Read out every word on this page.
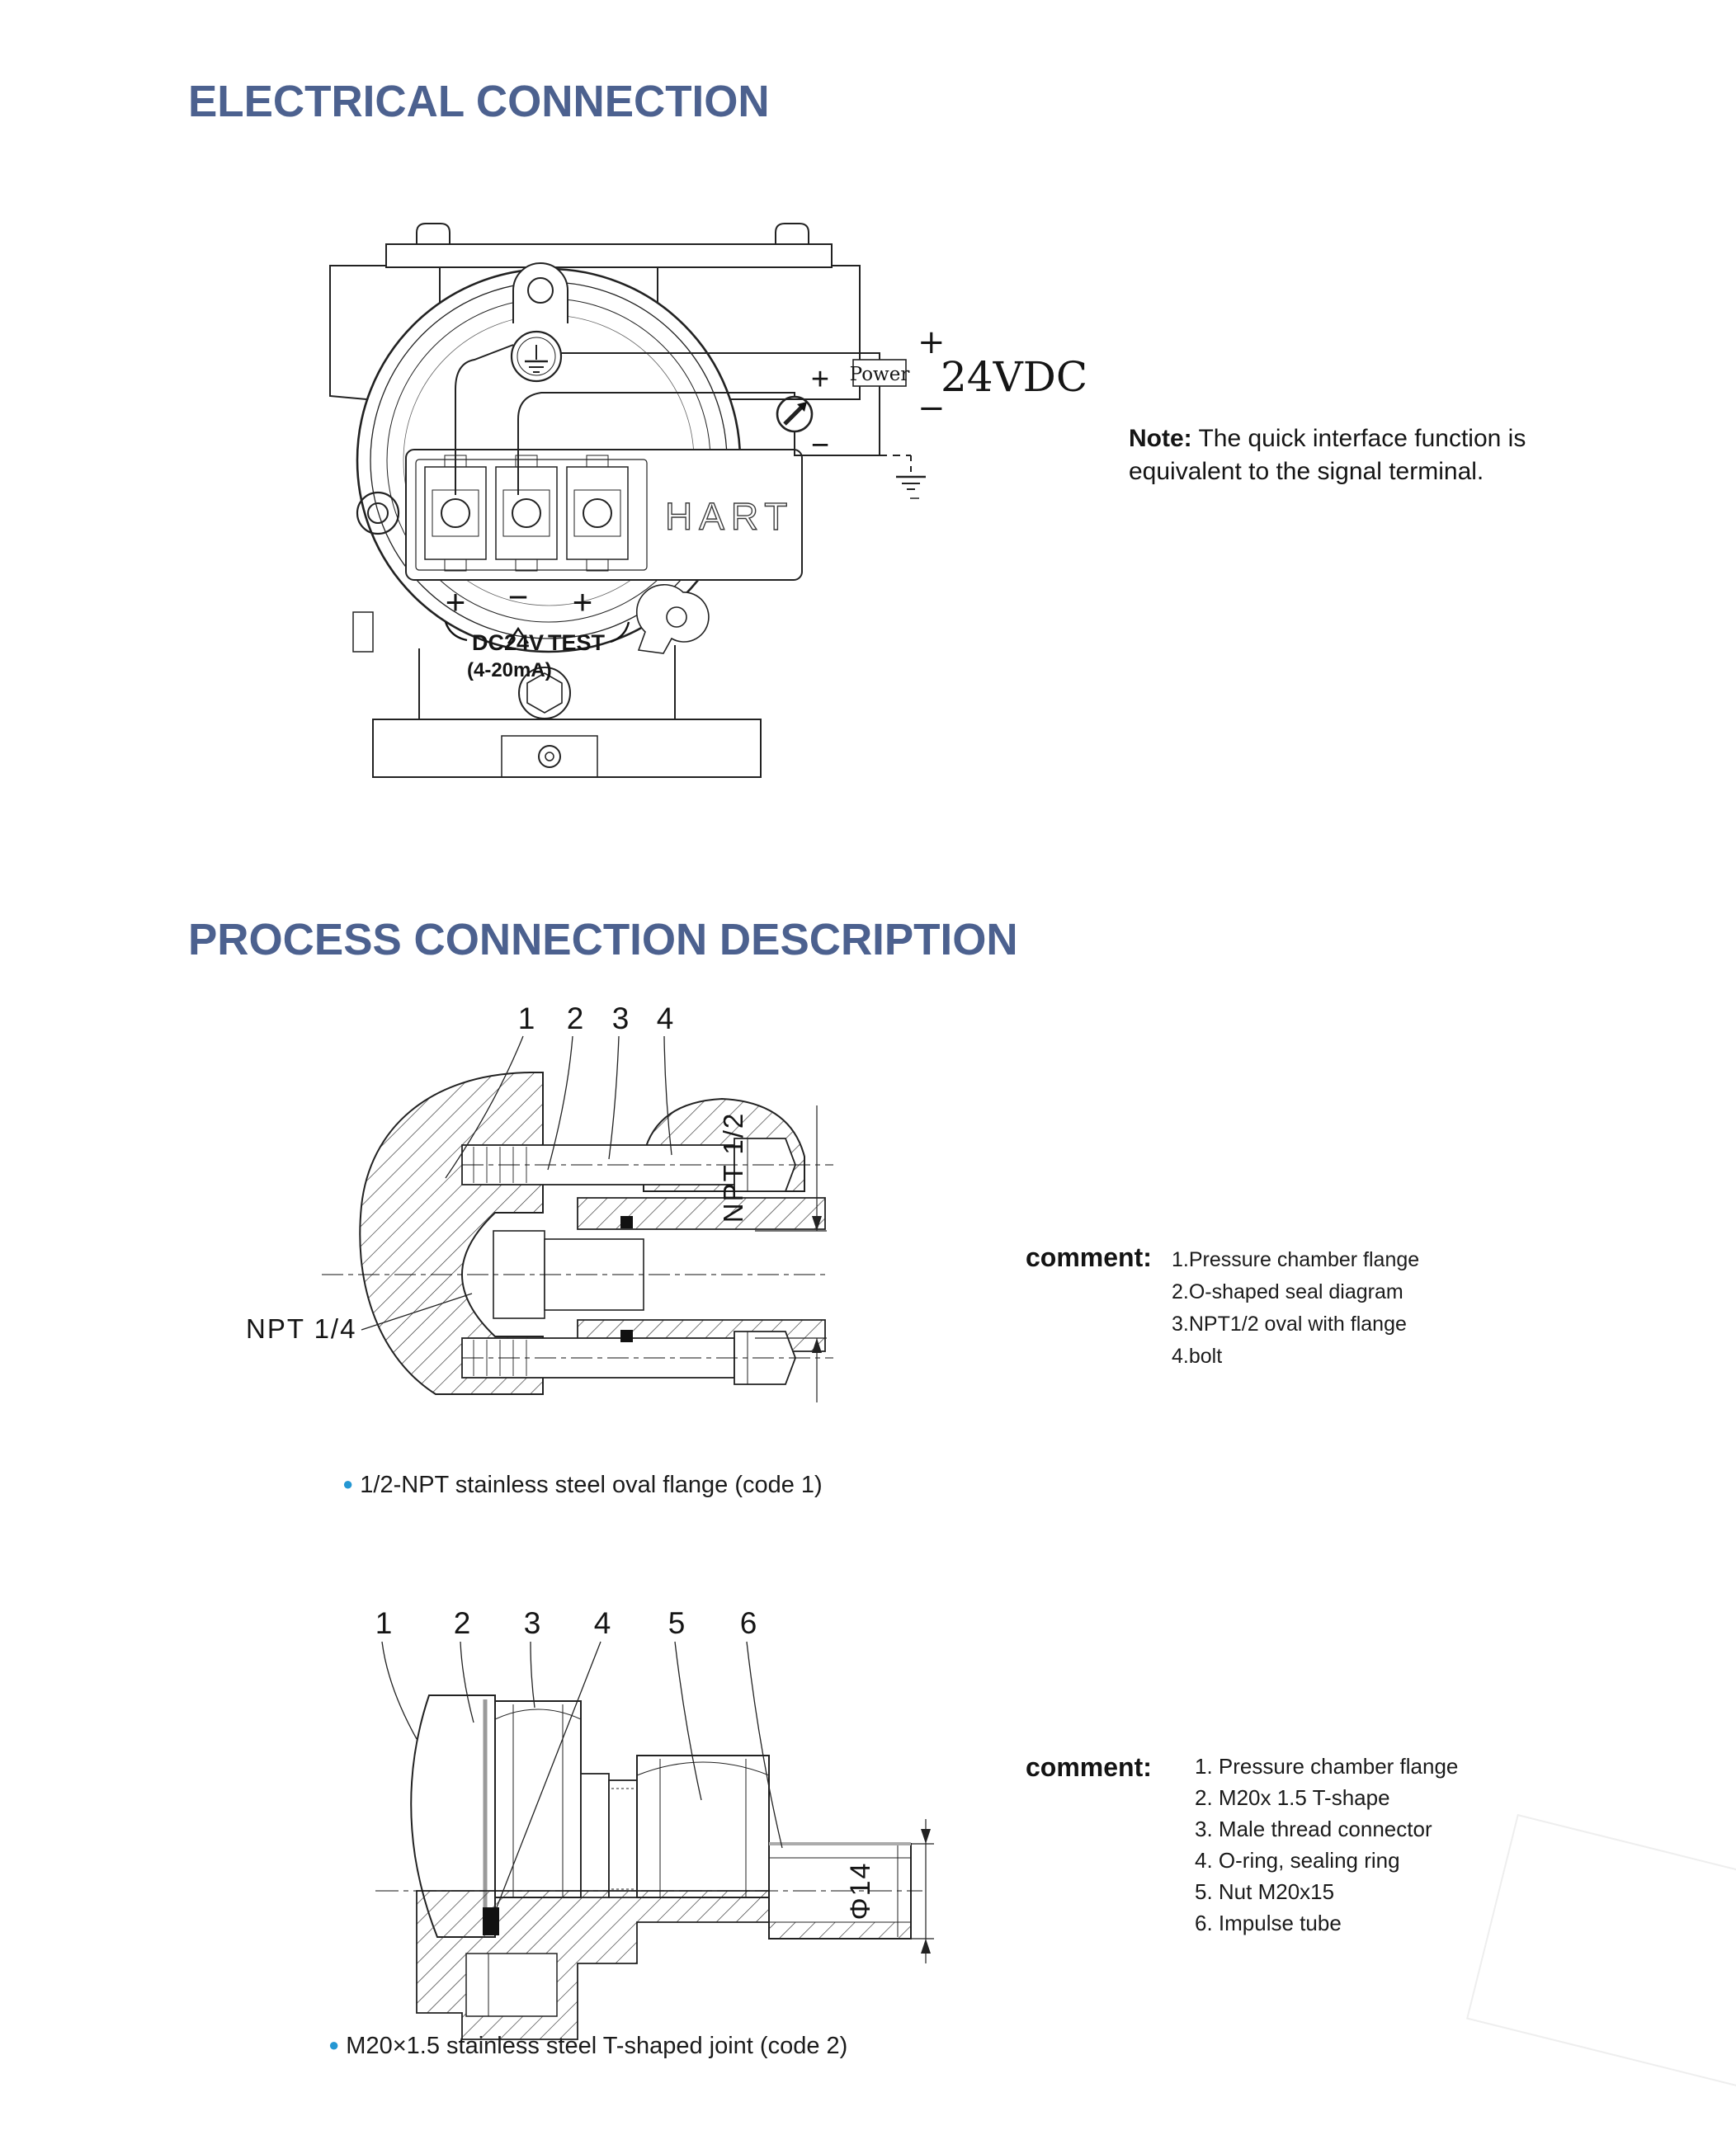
ELECTRICAL CONNECTION
PROCESS CONNECTION DESCRIPTION
HART
+ − +
DC24V TEST
(4-20mA)
+
−
Power
+
−
24VDC
Note: The quick interface function is equivalent to the signal terminal.
1 2 3 4
NPT 1/2
NPT 1/4
● 1/2-NPT stainless steel oval flange (code 1)
comment: 1.Pressure chamber flange
2.O-shaped seal diagram
3.NPT1/2 oval with flange
4.bolt
1 2 3 4 5 6
Φ14
● M20×1.5 stainless steel T-shaped joint (code 2)
comment: 1. Pressure chamber flange
2. M20x 1.5 T-shape
3. Male thread connector
4. O-ring, sealing ring
5. Nut M20x15
6. Impulse tube
